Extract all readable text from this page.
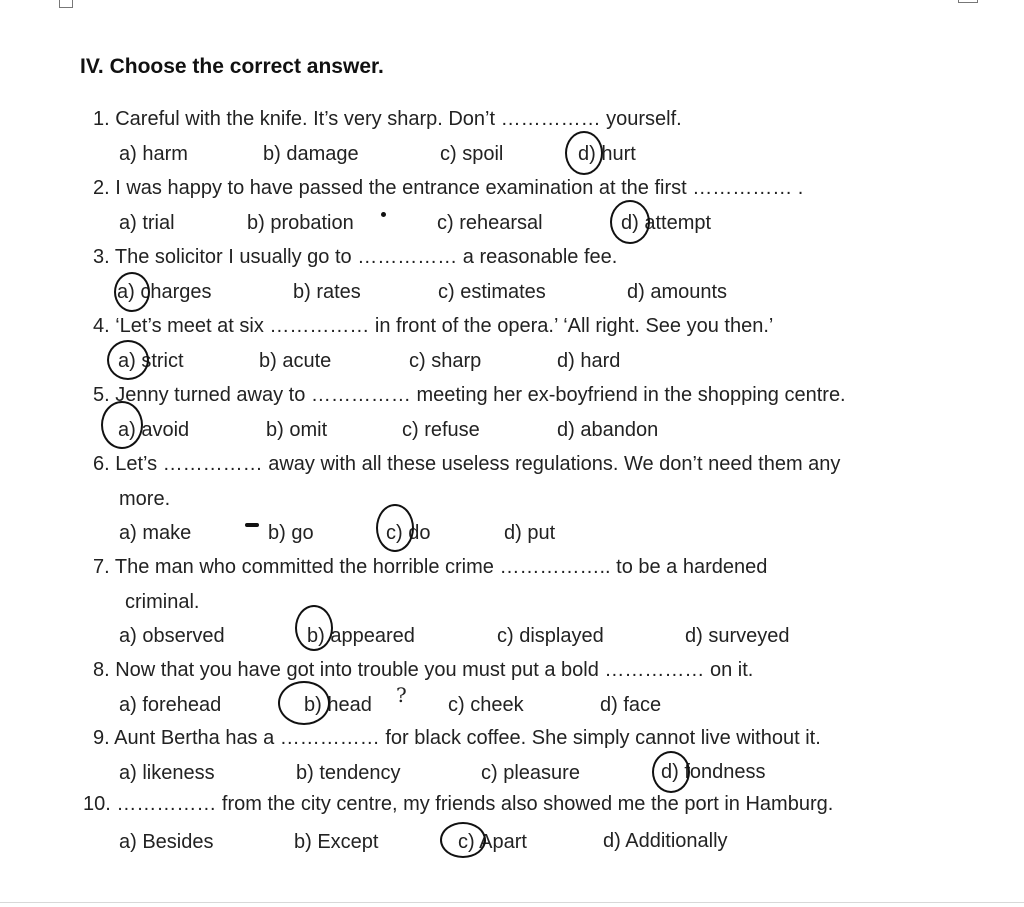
IV. Choose the correct answer.
1. Careful with the knife. It’s very sharp. Don’t …………… yourself.
a) harm	b) damage	c) spoil	d) hurt
2. I was happy to have passed the entrance examination at the first …………… .
a) trial	b) probation	c) rehearsal	d) attempt
3. The solicitor I usually go to …………… a reasonable fee.
a) charges	b) rates	c) estimates	d) amounts
4. ‘Let’s meet at six …………… in front of the opera.’ ‘All right. See you then.’
a) strict	b) acute	c) sharp	d) hard
5. Jenny turned away to …………… meeting her ex-boyfriend in the shopping centre.
a) avoid	b) omit	c) refuse	d) abandon
6. Let’s …………… away with all these useless regulations. We don’t need them any
more.
a) make	b) go	c) do	d) put
7. The man who committed the horrible crime …………….. to be a hardened
criminal.
a) observed	b) appeared	c) displayed	d) surveyed
8. Now that you have got into trouble you must put a bold …………… on it.
a) forehead	b) head ? c) cheek	d) face
9. Aunt Bertha has a …………… for black coffee. She simply cannot live without it.
a) likeness	b) tendency	c) pleasure	d) fondness
10. …………… from the city centre, my friends also showed me the port in Hamburg.
a) Besides	b) Except	c) Apart	d) Additionally
